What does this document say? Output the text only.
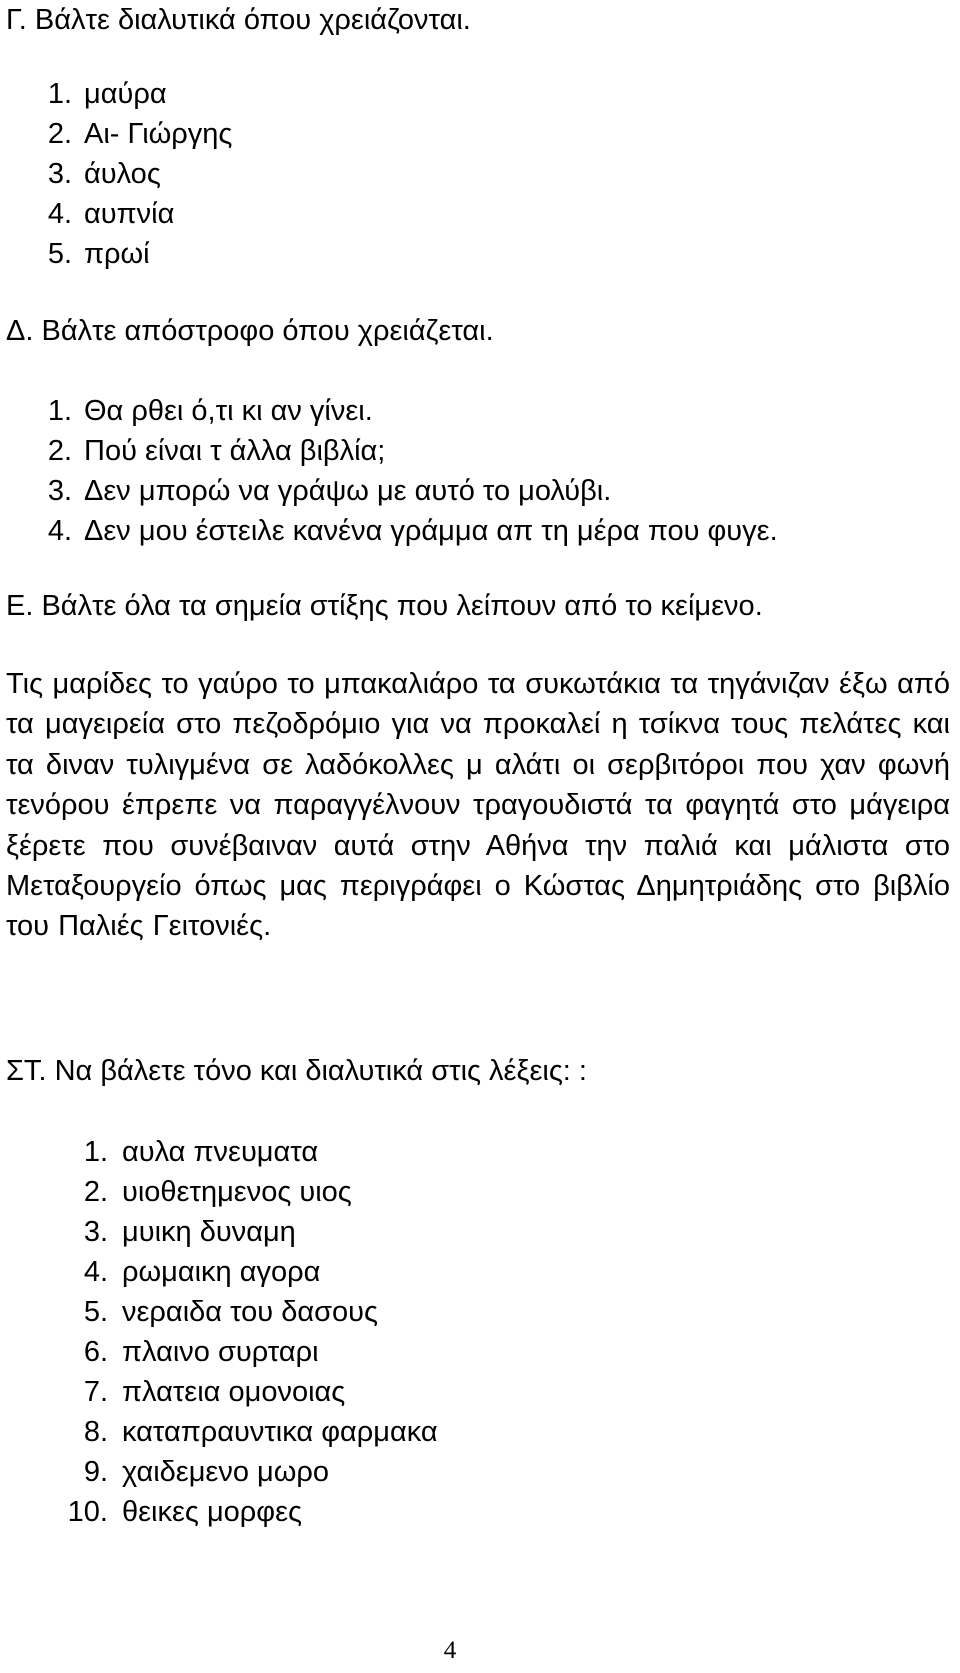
Γ. Βάλτε διαλυτικά όπου χρειάζονται.
1. μαύρα
2. Αι- Γιώργης
3. άυλος
4. αυπνία
5. πρωί
Δ. Βάλτε απόστροφο όπου χρειάζεται.
1. Θα ρθει ό,τι κι αν γίνει.
2. Πού είναι τ άλλα βιβλία;
3. Δεν μπορώ να γράψω με αυτό το μολύβι.
4. Δεν μου έστειλε κανένα γράμμα απ τη μέρα που φυγε.
Ε. Βάλτε όλα τα σημεία στίξης που λείπουν από το κείμενο.

Τις μαρίδες το γαύρο το μπακαλιάρο τα συκωτάκια τα τηγάνιζαν έξω από τα μαγειρεία στο πεζοδρόμιο για να προκαλεί η τσίκνα τους πελάτες και τα διναν τυλιγμένα σε λαδόκολλες μ αλάτι οι σερβιτόροι που χαν φωνή τενόρου έπρεπε να παραγγέλνουν τραγουδιστά τα φαγητά στο μάγειρα ξέρετε που συνέβαιναν αυτά στην Αθήνα την παλιά και μάλιστα στο Μεταξουργείο όπως μας περιγράφει ο Κώστας Δημητριάδης στο βιβλίο του Παλιές Γειτονιές.

ΣΤ. Να βάλετε τόνο και διαλυτικά στις λέξεις: :
1. αυλα πνευματα
2. υιοθετημενος υιος
3. μυικη δυναμη
4. ρωμαικη αγορα
5. νεραιδα του δασους
6. πλαινο συρταρι
7. πλατεια ομονοιας
8. καταπραυντικα φαρμακα
9. χαιδεμενο μωρο
10. θεικες μορφες
4
